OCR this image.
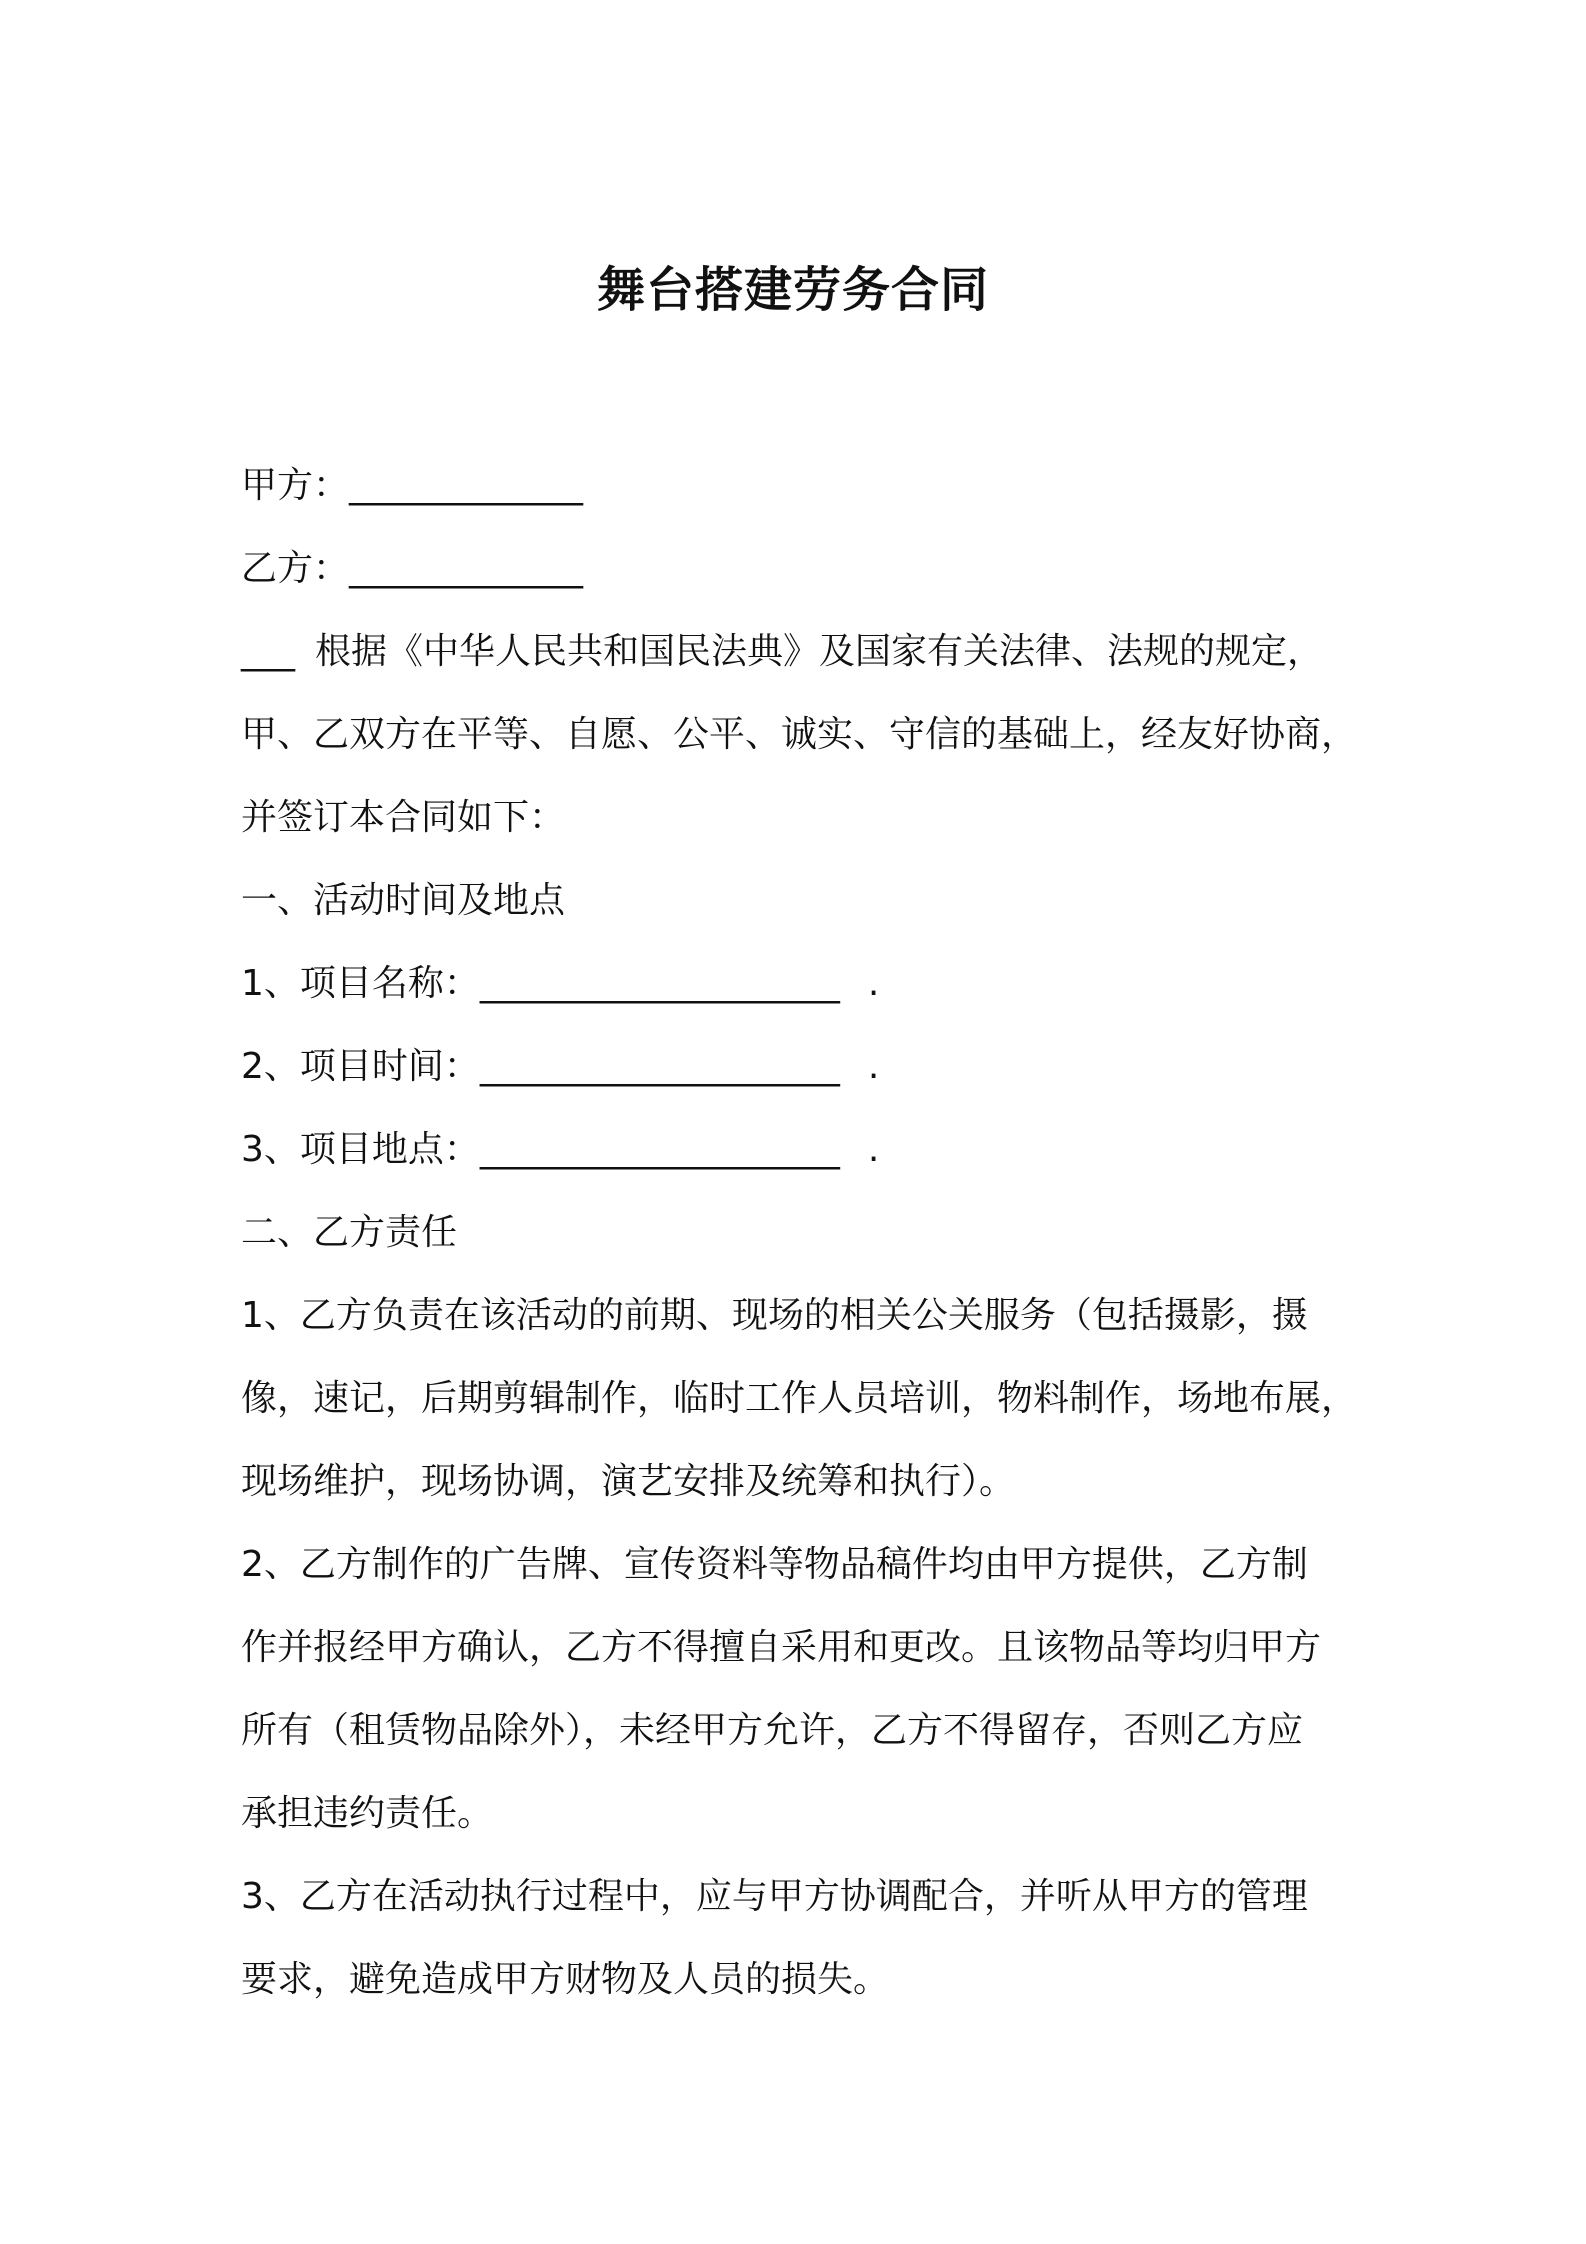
舞台搭建劳务合同
甲方：_____________
乙方：_____________
___ 根据《中华人民共和国民法典》及国家有关法律、法规的规定，
甲、乙双方在平等、自愿、公平、诚实、守信的基础上，经友好协商，
并签订本合同如下：
一、活动时间及地点
1、项目名称：____________________ .
2、项目时间：____________________ .
3、项目地点：____________________ .
二、乙方责任
1、乙方负责在该活动的前期、现场的相关公关服务（包括摄影，摄
像，速记，后期剪辑制作，临时工作人员培训，物料制作，场地布展，
现场维护，现场协调，演艺安排及统筹和执行）。
2、乙方制作的广告牌、宣传资料等物品稿件均由甲方提供，乙方制
作并报经甲方确认，乙方不得擅自采用和更改。且该物品等均归甲方
所有（租赁物品除外），未经甲方允许，乙方不得留存，否则乙方应
承担违约责任。
3、乙方在活动执行过程中，应与甲方协调配合，并听从甲方的管理
要求，避免造成甲方财物及人员的损失。
